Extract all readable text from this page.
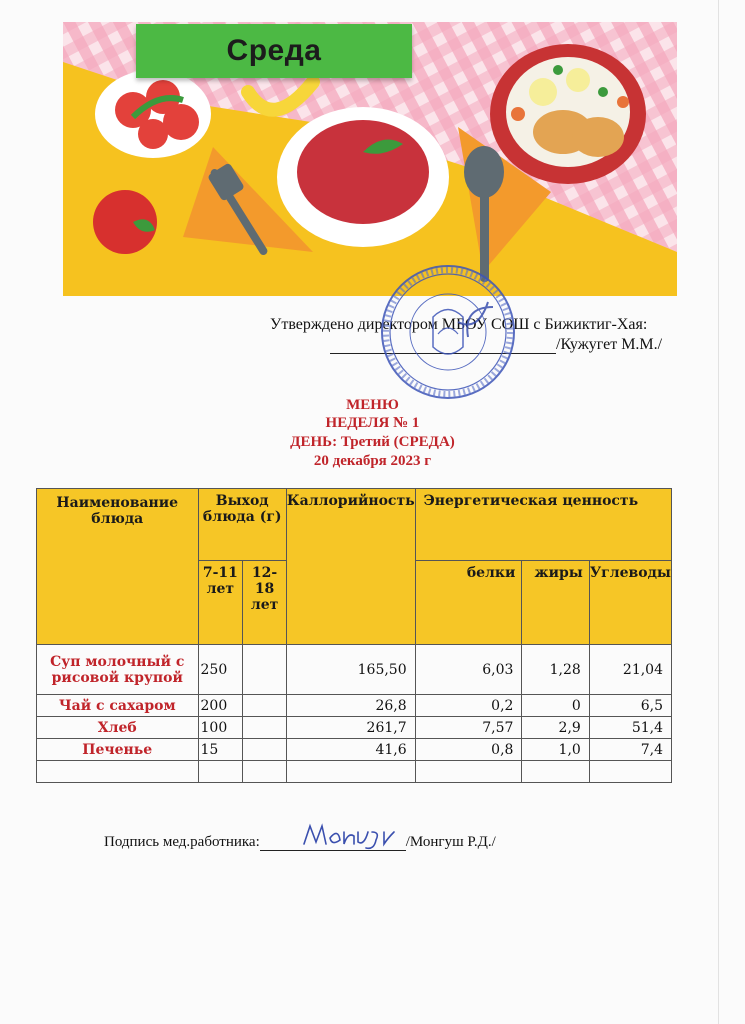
Среда
Утверждено директором МБОУ СОШ с Бижиктиг-Хая:
/Кужугет М.М./
МЕНЮ
НЕДЕЛЯ № 1
ДЕНЬ: Третий (СРЕДА)
20 декабря 2023 г
Наименование блюда	Выход блюда (г)		Каллорийность	Энергетическая ценность		
	7-11 лет	12-18 лет		белки	жиры	Углеводы
Суп молочный с рисовой крупой	250		165,50	6,03	1,28	21,04
Чай с сахаром	200		26,8	0,2	0	6,5
Хлеб	100		261,7	7,57	2,9	51,4
Печенье	15		41,6	0,8	1,0	7,4

Подпись мед.работника:	/Монгуш Р.Д./
